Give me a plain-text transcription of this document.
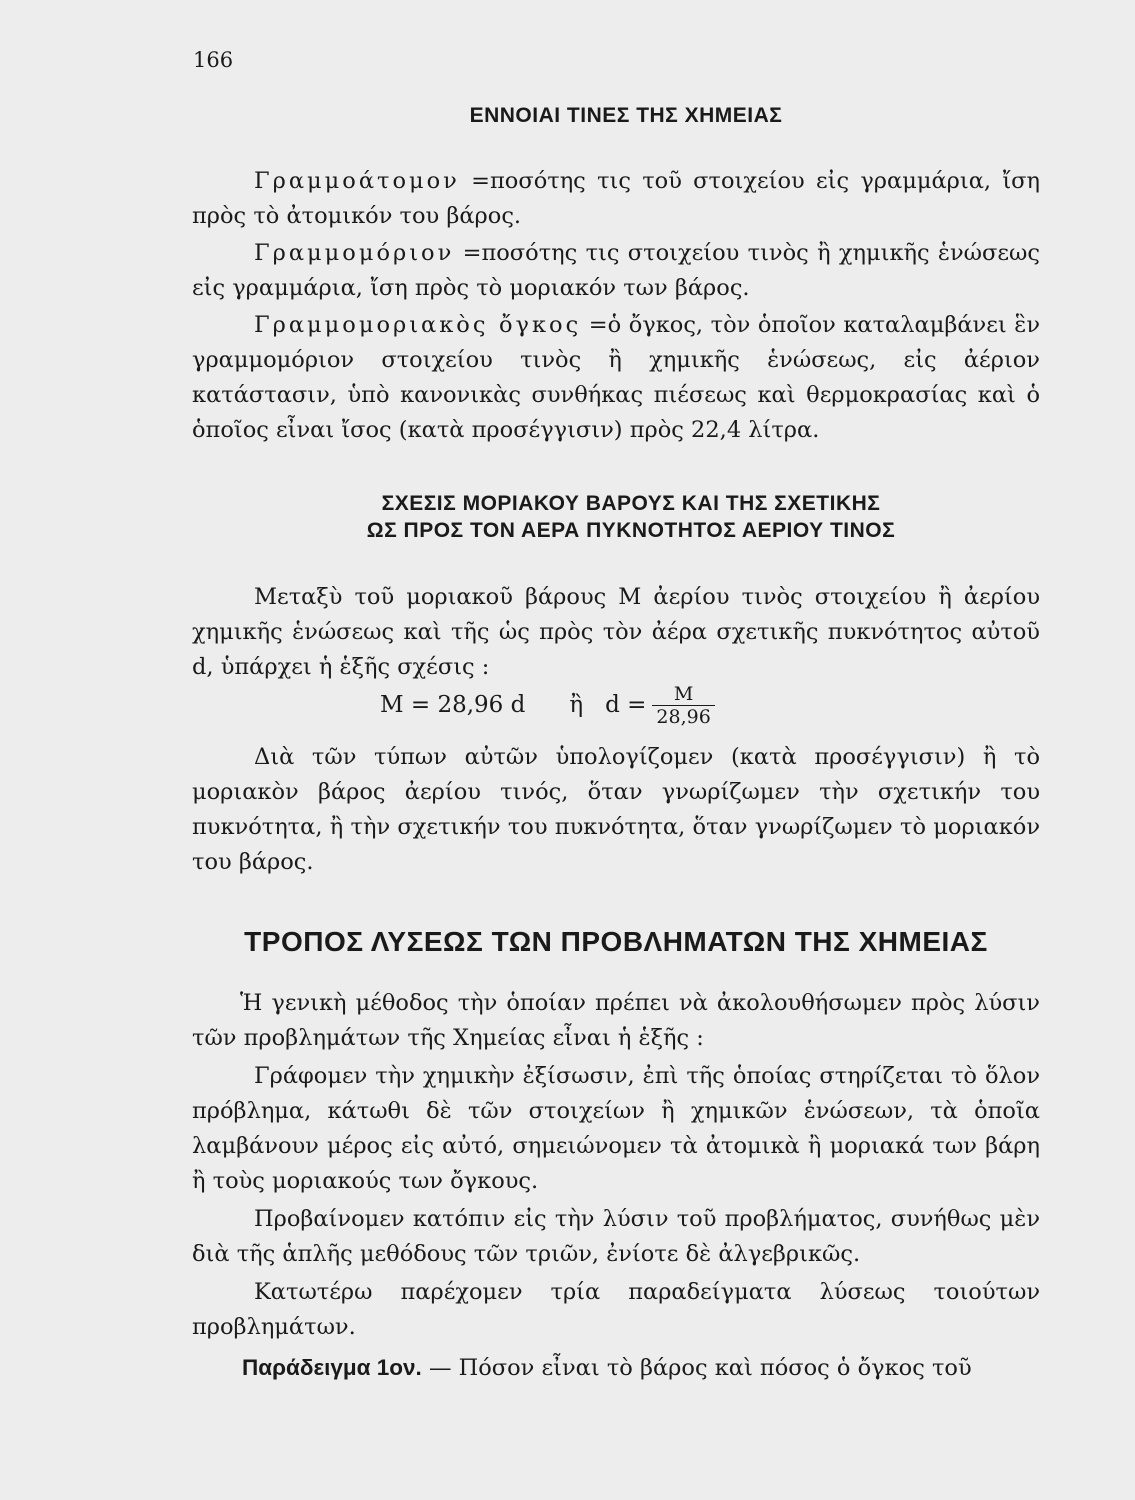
166
ΕΝΝΟΙΑΙ ΤΙΝΕΣ ΤΗΣ ΧΗΜΕΙΑΣ

Γραμμοάτομον =ποσότης τις τοῦ στοιχείου εἰς γραμμάρια, ἴση πρὸς τὸ ἀτομικόν του βάρος.

Γραμμομόριον =ποσότης τις στοιχείου τινὸς ἢ χημικῆς ἑνώσεως εἰς γραμμάρια, ἴση πρὸς τὸ μοριακόν των βάρος.

Γραμμομοριακὸς ὄγκος =ὁ ὄγκος, τὸν ὁποῖον καταλαμβάνει ἓν γραμμομόριον στοιχείου τινὸς ἢ χημικῆς ἑνώσεως, εἰς ἀέριον κατάστασιν, ὑπὸ κανονικὰς συνθήκας πιέσεως καὶ θερμοκρασίας καὶ ὁ ὁποῖος εἶναι ἴσος (κατὰ προσέγγισιν) πρὸς 22,4 λίτρα.

ΣΧΕΣΙΣ ΜΟΡΙΑΚΟΥ ΒΑΡΟΥΣ ΚΑΙ ΤΗΣ ΣΧΕΤΙΚΗΣ
ΩΣ ΠΡΟΣ ΤΟΝ ΑΕΡΑ ΠΥΚΝΟΤΗΤΟΣ ΑΕΡΙΟΥ ΤΙΝΟΣ

Μεταξὺ τοῦ μοριακοῦ βάρους Μ ἀερίου τινὸς στοιχείου ἢ ἀερίου χημικῆς ἑνώσεως καὶ τῆς ὡς πρὸς τὸν ἀέρα σχετικῆς πυκνότητος αὐτοῦ d, ὑπάρχει ἡ ἑξῆς σχέσις :

M = 28,96 d ἢ $d = \frac{M}{28,96}$

Διὰ τῶν τύπων αὐτῶν ὑπολογίζομεν (κατὰ προσέγγισιν) ἢ τὸ μοριακὸν βάρος ἀερίου τινός, ὅταν γνωρίζωμεν τὴν σχετικήν του πυκνότητα, ἢ τὴν σχετικήν του πυκνότητα, ὅταν γνωρίζωμεν τὸ μοριακόν του βάρος.

ΤΡΟΠΟΣ ΛΥΣΕΩΣ ΤΩΝ ΠΡΟΒΛΗΜΑΤΩΝ ΤΗΣ ΧΗΜΕΙΑΣ

Ἡ γενικὴ μέθοδος τὴν ὁποίαν πρέπει νὰ ἀκολουθήσωμεν πρὸς λύσιν τῶν προβλημάτων τῆς Χημείας εἶναι ἡ ἑξῆς :

Γράφομεν τὴν χημικὴν ἐξίσωσιν, ἐπὶ τῆς ὁποίας στηρίζεται τὸ ὅλον πρόβλημα, κάτωθι δὲ τῶν στοιχείων ἢ χημικῶν ἑνώσεων, τὰ ὁποῖα λαμβάνουν μέρος εἰς αὐτό, σημειώνομεν τὰ ἀτομικὰ ἢ μοριακά των βάρη ἢ τοὺς μοριακούς των ὄγκους.

Προβαίνομεν κατόπιν εἰς τὴν λύσιν τοῦ προβλήματος, συνήθως μὲν διὰ τῆς ἁπλῆς μεθόδους τῶν τριῶν, ἐνίοτε δὲ ἀλγεβρικῶς.

Κατωτέρω παρέχομεν τρία παραδείγματα λύσεως τοιούτων προβλημάτων.

Παράδειγμα 1ον. — Πόσον εἶναι τὸ βάρος καὶ πόσος ὁ ὄγκος τοῦ
